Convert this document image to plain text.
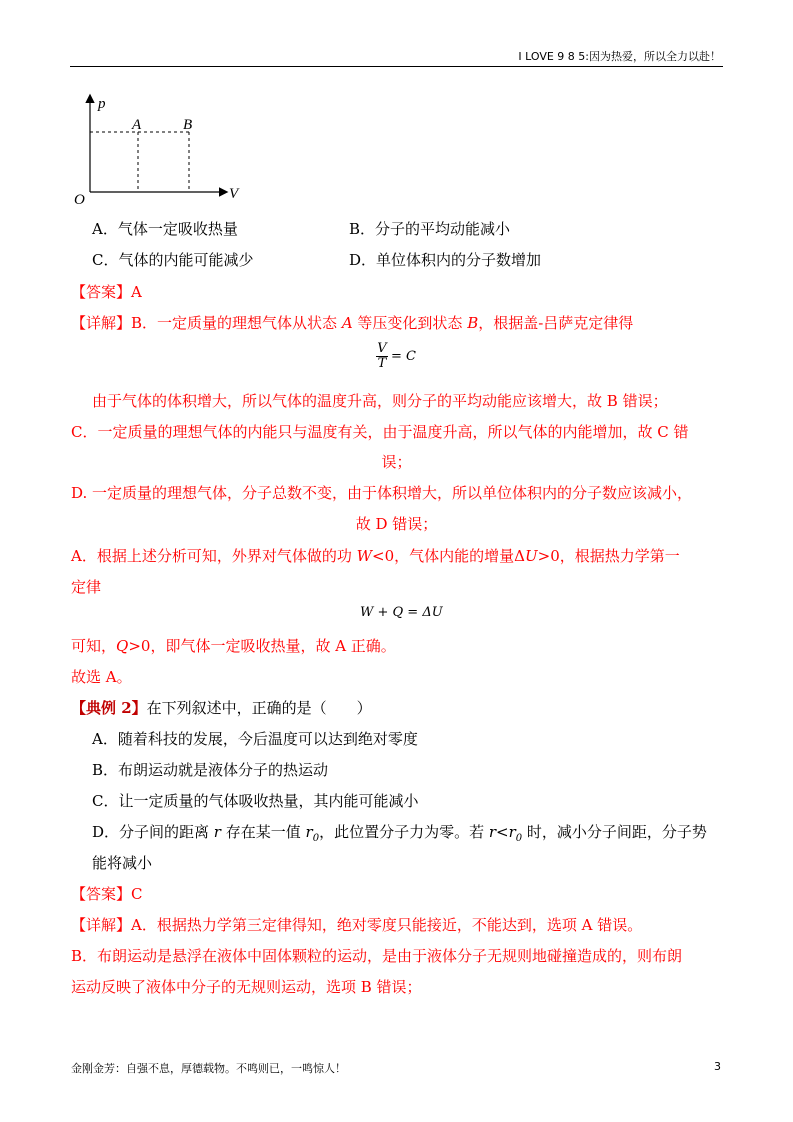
I LOVE 9 8 5:因为热爱，所以全力以赴！
p
V
O
A	B
A．气体一定吸收热量	B．分子的平均动能减小
C．气体的内能可能减少	D．单位体积内的分子数增加
【答案】A
【详解】B．一定质量的理想气体从状态 A 等压变化到状态 B，根据盖-吕萨克定律得
V
T = C
由于气体的体积增大，所以气体的温度升高，则分子的平均动能应该增大，故 B 错误；
C．一定质量的理想气体的内能只与温度有关，由于温度升高，所以气体的内能增加，故 C 错
误；
D. 一定质量的理想气体，分子总数不变，由于体积增大，所以单位体积内的分子数应该减小，
故 D 错误；
A．根据上述分析可知，外界对气体做的功 W<0，气体内能的增量ΔU>0，根据热力学第一
定律
W + Q = ΔU
可知，Q>0，即气体一定吸收热量，故 A 正确。
故选 A。
【典例 2】在下列叙述中，正确的是（　　）
A．随着科技的发展，今后温度可以达到绝对零度
B．布朗运动就是液体分子的热运动
C．让一定质量的气体吸收热量，其内能可能减小
D．分子间的距离 r 存在某一值 $r_0$，此位置分子力为零。若 $r<r_0$ 时，减小分子间距，分子势
能将减小
【答案】C
【详解】A．根据热力学第三定律得知，绝对零度只能接近，不能达到，选项 A 错误。
B．布朗运动是悬浮在液体中固体颗粒的运动，是由于液体分子无规则地碰撞造成的，则布朗
运动反映了液体中分子的无规则运动，选项 B 错误；
金刚金芳：自强不息，厚德载物。不鸣则已，一鸣惊人！	3
